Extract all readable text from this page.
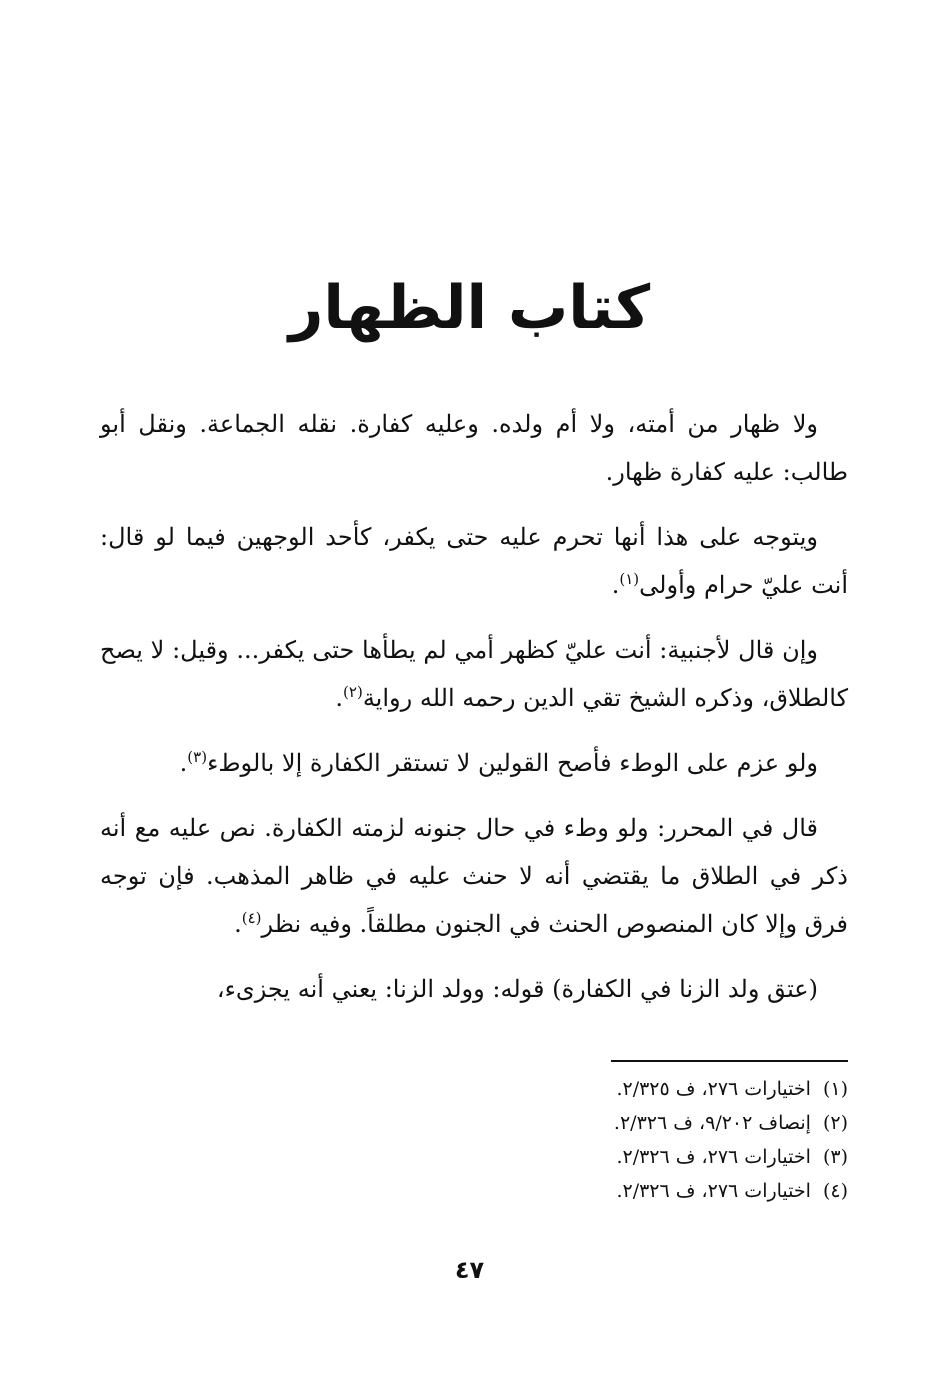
كتاب الظهار

ولا ظهار من أمته، ولا أم ولده. وعليه كفارة. نقله الجماعة. ونقل أبو طالب: عليه كفارة ظهار.

ويتوجه على هذا أنها تحرم عليه حتى يكفر، كأحد الوجهين فيما لو قال: أنت عليّ حرام وأولى$^{(١)}$.

وإن قال لأجنبية: أنت عليّ كظهر أمي لم يطأها حتى يكفر... وقيل: لا يصح كالطلاق، وذكره الشيخ تقي الدين رحمه الله رواية$^{(٢)}$.

ولو عزم على الوطء فأصح القولين لا تستقر الكفارة إلا بالوطء$^{(٣)}$.

قال في المحرر: ولو وطء في حال جنونه لزمته الكفارة. نص عليه مع أنه ذكر في الطلاق ما يقتضي أنه لا حنث عليه في ظاهر المذهب. فإن توجه فرق وإلا كان المنصوص الحنث في الجنون مطلقاً. وفيه نظر$^{(٤)}$.

(عتق ولد الزنا في الكفارة) قوله: وولد الزنا: يعني أنه يجزىء،

(١)اختيارات ٢٧٦، ف ٢/٣٢٥.
(٢)إنصاف ٩/٢٠٢، ف ٢/٣٢٦.
(٣)اختيارات ٢٧٦، ف ٢/٣٢٦.
(٤)اختيارات ٢٧٦، ف ٢/٣٢٦.
٤٧
